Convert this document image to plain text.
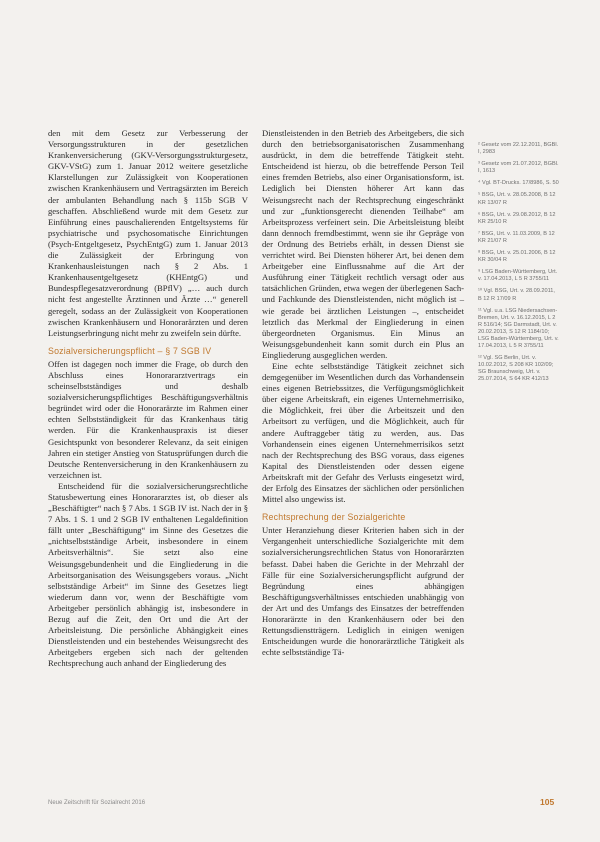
den mit dem Gesetz zur Verbesserung der Versorgungsstrukturen in der gesetzlichen Krankenversicherung (GKV-Versorgungsstrukturgesetz, GKV-VStG) zum 1. Januar 2012 weitere gesetzliche Klarstellungen zur Zulässigkeit von Kooperationen zwischen Krankenhäusern und Vertragsärzten im Bereich der ambulanten Behandlung nach § 115b SGB V geschaffen. Abschließend wurde mit dem Gesetz zur Einführung eines pauschalierenden Entgeltsystems für psychiatrische und psychosomatische Einrichtungen (Psych-Entgeltgesetz, PsychEntgG) zum 1. Januar 2013 die Zulässigkeit der Erbringung von Krankenhausleistungen nach § 2 Abs. 1 Krankenhausentgeltgesetz (KHEntgG) und Bundespflegesatzverordnung (BPflV) „… auch durch nicht fest angestellte Ärztinnen und Ärzte …“ generell geregelt, sodass an der Zulässigkeit von Kooperationen zwischen Krankenhäusern und Honorarärzten und deren Leistungserbringung nicht mehr zu zweifeln sein dürfte.

Sozialversicherungspflicht – § 7 SGB IV

Offen ist dagegen noch immer die Frage, ob durch den Abschluss eines Honorararztvertrags ein scheinselbstständiges und deshalb sozialversicherungspflichtiges Beschäftigungsverhältnis begründet wird oder die Honorarärzte im Rahmen einer echten Selbstständigkeit für das Krankenhaus tätig werden. Für die Krankenhauspraxis ist dieser Gesichtspunkt von besonderer Relevanz, da seit einigen Jahren ein stetiger Anstieg von Statusprüfungen durch die Deutsche Rentenversicherung in den Krankenhäusern zu verzeichnen ist.

Entscheidend für die sozialversicherungsrechtliche Statusbewertung eines Honorararztes ist, ob dieser als „Beschäftigter“ nach § 7 Abs. 1 SGB IV ist. Nach der in § 7 Abs. 1 S. 1 und 2 SGB IV enthaltenen Legaldefinition fällt unter „Beschäftigung“ im Sinne des Gesetzes die „nichtselbstständige Arbeit, insbesondere in einem Arbeitsverhältnis“. Sie setzt also eine Weisungsgebundenheit und die Eingliederung in die Arbeitsorganisation des Weisungsgebers voraus. „Nicht selbstständige Arbeit“ im Sinne des Gesetzes liegt wiederum dann vor, wenn der Beschäftigte vom Arbeitgeber persönlich abhängig ist, insbesondere in Bezug auf die Zeit, den Ort und die Art der Arbeitsleistung. Die persönliche Abhängigkeit eines Dienstleistenden und ein bestehendes Weisungsrecht des Arbeitgebers ergeben sich nach der geltenden Rechtsprechung auch anhand der Eingliederung des

Dienstleistenden in den Betrieb des Arbeitgebers, die sich durch den betriebsorganisatorischen Zusammenhang ausdrückt, in dem die betreffende Tätigkeit steht. Entscheidend ist hierzu, ob die betreffende Person Teil eines fremden Betriebs, also einer Organisationsform, ist. Lediglich bei Diensten höherer Art kann das Weisungsrecht nach der Rechtsprechung eingeschränkt und zur „funktionsgerecht dienenden Teilhabe“ am Arbeitsprozess verfeinert sein. Die Arbeitsleistung bleibt dann dennoch fremdbestimmt, wenn sie ihr Gepräge von der Ordnung des Betriebs erhält, in dessen Dienst sie verrichtet wird. Bei Diensten höherer Art, bei denen dem Arbeitgeber eine Einflussnahme auf die Art der Ausführung einer Tätigkeit rechtlich versagt oder aus tatsächlichen Gründen, etwa wegen der überlegenen Sach- und Fachkunde des Dienstleistenden, nicht möglich ist – wie gerade bei ärztlichen Leistungen –, entscheidet letztlich das Merkmal der Eingliederung in einen übergeordneten Organismus. Ein Minus an Weisungsgebundenheit kann somit durch ein Plus an Eingliederung ausgeglichen werden.

Eine echte selbstständige Tätigkeit zeichnet sich demgegenüber im Wesentlichen durch das Vorhandensein eines eigenen Betriebssitzes, die Verfügungsmöglichkeit über eigene Arbeitskraft, ein eigenes Unternehmerrisiko, die Möglichkeit, frei über die Arbeitszeit und den Arbeitsort zu verfügen, und die Möglichkeit, auch für andere Auftraggeber tätig zu werden, aus. Das Vorhandensein eines eigenen Unternehmerrisikos setzt nach der Rechtsprechung des BSG voraus, dass eigenes Kapital des Dienstleistenden oder dessen eigene Arbeitskraft mit der Gefahr des Verlusts eingesetzt wird, der Erfolg des Einsatzes der sächlichen oder persönlichen Mittel also ungewiss ist.

Rechtsprechung der Sozialgerichte

Unter Heranziehung dieser Kriterien haben sich in der Vergangenheit unterschiedliche Sozialgerichte mit dem sozialversicherungsrechtlichen Status von Honorarärzten befasst. Dabei haben die Gerichte in der Mehrzahl der Fälle für eine Sozialversicherungspflicht aufgrund der Begründung eines abhängigen Beschäftigungsverhältnisses entschieden unabhängig von der Art und des Umfangs des Einsatzes der betreffenden Honorarärzte in den Krankenhäusern oder bei den Rettungsdienstträgern. Lediglich in einigen wenigen Entscheidungen wurde die honorarärztliche Tätigkeit als echte selbstständige Tä-

² Gesetz vom 22.12.2011, BGBl. I, 2983
³ Gesetz vom 21.07.2012, BGBl. I, 1613
⁴ Vgl. BT-Drucks. 17/8986, S. 50
⁵ BSG, Urt. v. 28.05.2008, B 12 KR 13/07 R
⁶ BSG, Urt. v. 29.08.2012, B 12 KR 25/10 R
⁷ BSG, Urt. v. 11.03.2009, B 12 KR 21/07 R
⁸ BSG, Urt. v. 25.01.2006, B 12 KR 30/04 R
⁹ LSG Baden-Württemberg, Urt. v. 17.04.2013, L 5 R 3755/11
¹⁰ Vgl. BSG, Urt. v. 28.09.2011, B 12 R 17/09 R
¹¹ Vgl. u.a. LSG Niedersachsen-Bremen, Urt. v. 16.12.2015, L 2 R 516/14; SG Darmstadt, Urt. v. 20.02.2013, S 12 R 1184/10; LSG Baden-Württemberg, Urt. v. 17.04.2013, L 5 R 3755/11
¹² Vgl. SG Berlin, Urt. v. 10.02.2012, S 208 KR 102/09; SG Braunschweig, Urt. v. 25.07.2014, S 64 KR 412/13
Neue Zeitschrift für Sozialrecht 2016	105
